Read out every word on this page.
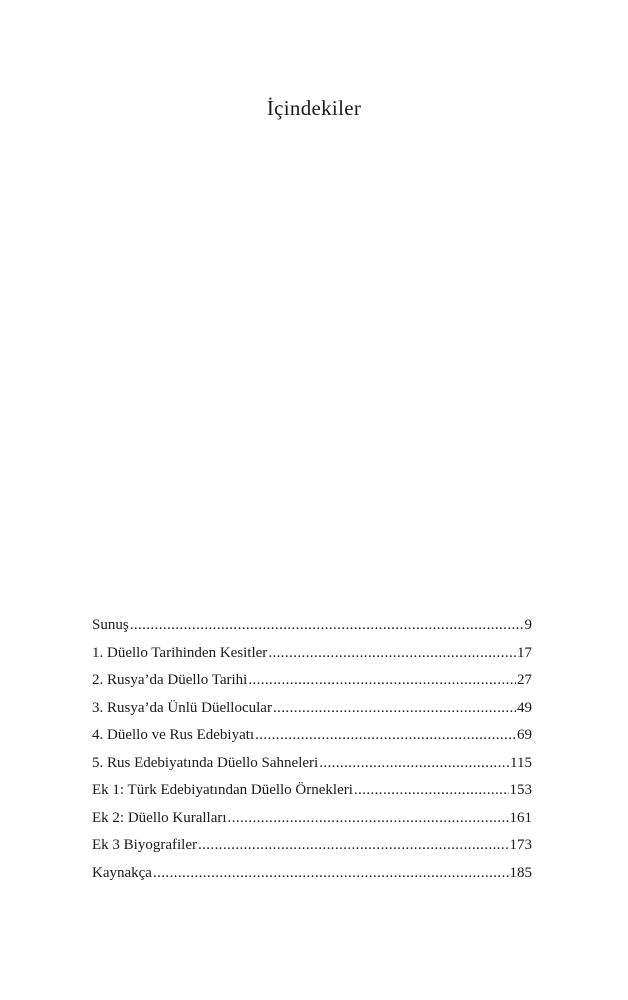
İçindekiler
Sunuş .....	9
1. Düello Tarihinden Kesitler .....	17
2. Rusya’da Düello Tarihi .....	27
3. Rusya’da Ünlü Düellocular .....	49
4. Düello ve Rus Edebiyatı .....	69
5. Rus Edebiyatında Düello Sahneleri .....	115
Ek 1: Türk Edebiyatından Düello Örnekleri .....	153
Ek 2: Düello Kuralları .....	161
Ek 3 Biyografiler .....	173
Kaynakça .....	185
